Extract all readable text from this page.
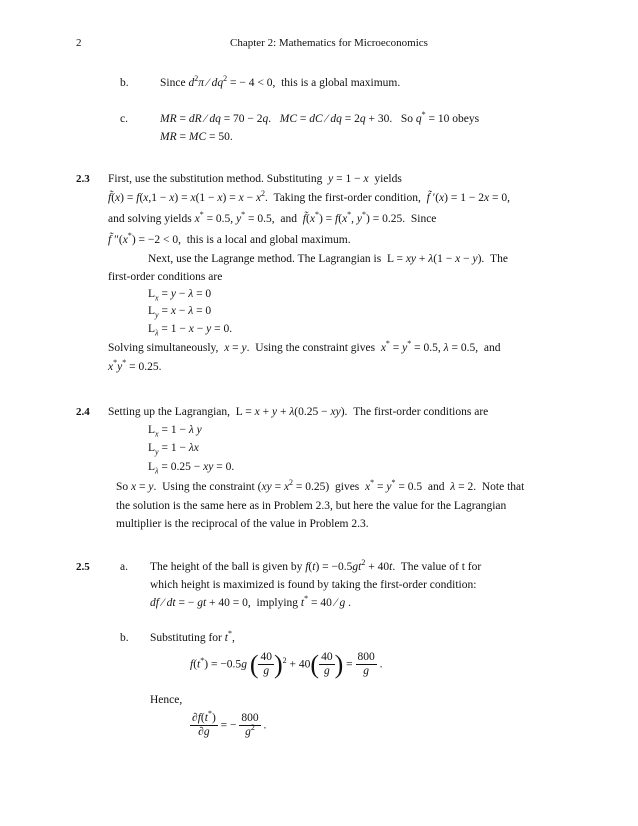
2	Chapter 2: Mathematics for Microeconomics
b.	Since $d^2\pi$ ⁄ $dq^2$ = − 4 < 0,  this is a global maximum.
c.	MR = dR ⁄ dq = 70 − 2q.   MC = dC ⁄ dq = 2q + 30.   So q* = 10 obeys
MR = MC = 50.
2.3 First, use the substitution method. Substituting y = 1 − x yields
f̃(x) = $f(x,1 - x) = x(1 - x) = x - x^2$.  Taking the first-order condition, f̃ ′(x) = 1 − 2x = 0,
and solving yields x* = 0.5, y* = 0.5,  and f̃(x*) = f(x*, y*) = 0.25.  Since
f̃ ″(x*) = −2 < 0,  this is a local and global maximum.
Next, use the Lagrange method. The Lagrangian is  L = xy + λ(1 − x − y).  The
first-order conditions are
$L_x = y - \lambda = 0$
$L_y = x - \lambda = 0$
$L_\lambda = 1 - x - y = 0$.
Solving simultaneously, x = y.  Using the constraint gives x* = y* = 0.5, λ = 0.5,  and
x*y* = 0.25.
2.4 Setting up the Lagrangian,  L = x + y + λ(0.25 − xy).  The first-order conditions are
$L_x = 1 - \lambda$ y
$L_y = 1 - \lambda x$
$L_\lambda = 0.25$ − xy = 0.
So x = y.  Using the constraint $(xy = x^2 = 0.25)$  gives x* = y* = 0.5  and λ = 2.  Note that
the solution is the same here as in Problem 2.3, but here the value for the Lagrangian
multiplier is the reciprocal of the value in Problem 2.3.
2.5	a. The height of the ball is given by $f(t) = -0.5gt^2 + 40t$.  The value of t for
which height is maximized is found by taking the first-order condition:
df ⁄ dt = − gt + 40 = 0,  implying t* = 40 ⁄ g .
b. Substituting for t*,
f(t*) = −0.5g ( $\frac{40}{g} )^2 + 40( \frac{40}{g}$ ) = $\frac{800}{g}$ .
Hence,
$\frac{\partial f(t^*)}{\partial g}$ = − $\frac{800}{g^2}$ .
